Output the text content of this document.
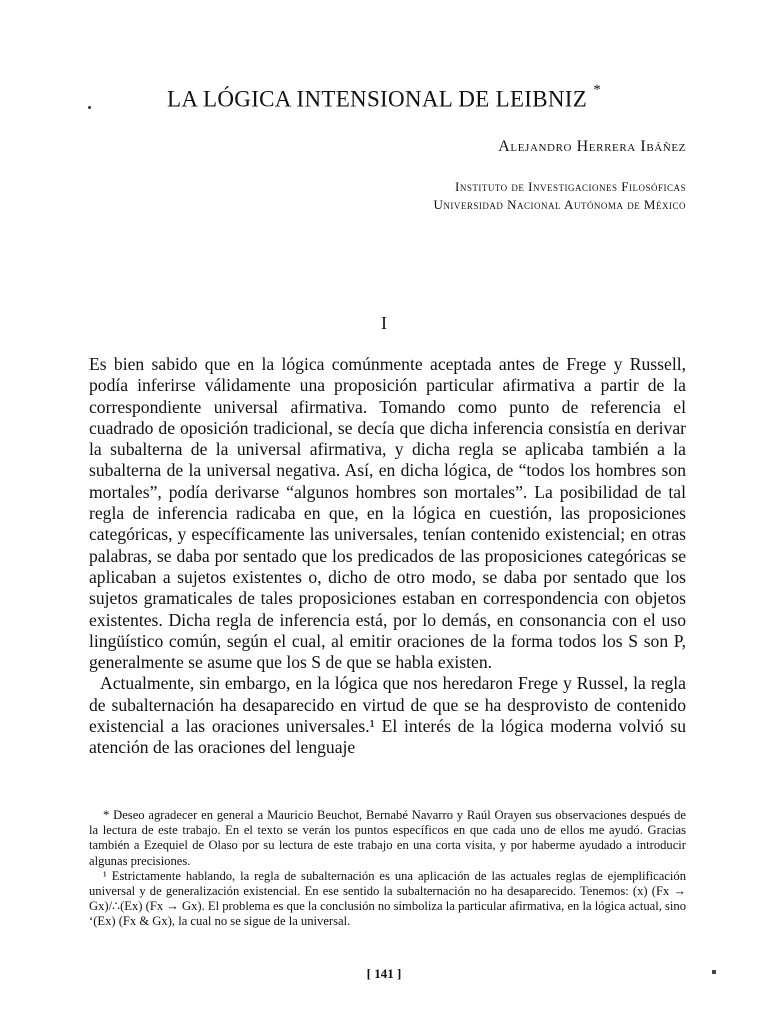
LA LÓGICA INTENSIONAL DE LEIBNIZ *
Alejandro Herrera Ibáñez
Instituto de Investigaciones Filosóficas
Universidad Nacional Autónoma de México
I

Es bien sabido que en la lógica comúnmente aceptada antes de Frege y Russell, podía inferirse válidamente una proposición particular afirmativa a partir de la correspondiente universal afirmativa. Tomando como punto de referencia el cuadrado de oposición tradicional, se decía que dicha inferencia consistía en derivar la subalterna de la universal afirmativa, y dicha regla se aplicaba también a la subalterna de la universal negativa. Así, en dicha lógica, de “todos los hombres son mortales”, podía derivarse “algunos hombres son mortales”. La posibilidad de tal regla de inferencia radicaba en que, en la lógica en cuestión, las proposiciones categóricas, y específicamente las universales, tenían contenido existencial; en otras palabras, se daba por sentado que los predicados de las proposiciones categóricas se aplicaban a sujetos existentes o, dicho de otro modo, se daba por sentado que los sujetos gramaticales de tales proposiciones estaban en correspondencia con objetos existentes. Dicha regla de inferencia está, por lo demás, en consonancia con el uso lingüístico común, según el cual, al emitir oraciones de la forma todos los S son P, generalmente se asume que los S de que se habla existen.

Actualmente, sin embargo, en la lógica que nos heredaron Frege y Russel, la regla de subalternación ha desaparecido en virtud de que se ha desprovisto de contenido existencial a las oraciones universales.¹ El interés de la lógica moderna volvió su atención de las oraciones del lenguaje

* Deseo agradecer en general a Mauricio Beuchot, Bernabé Navarro y Raúl Orayen sus observaciones después de la lectura de este trabajo. En el texto se verán los puntos específicos en que cada uno de ellos me ayudó. Gracias también a Ezequiel de Olaso por su lectura de este trabajo en una corta visita, y por haberme ayudado a introducir algunas precisiones.

¹ Estrictamente hablando, la regla de subalternación es una aplicación de las actuales reglas de ejemplificación universal y de generalización existencial. En ese sentido la subalternación no ha desaparecido. Tenemos: (x) (Fx → Gx)/∴(Ex) (Fx → Gx). El problema es que la conclusión no simboliza la particular afirmativa, en la lógica actual, sino ʻ(Ex) (Fx & Gx), la cual no se sigue de la universal.

[ 141 ]
